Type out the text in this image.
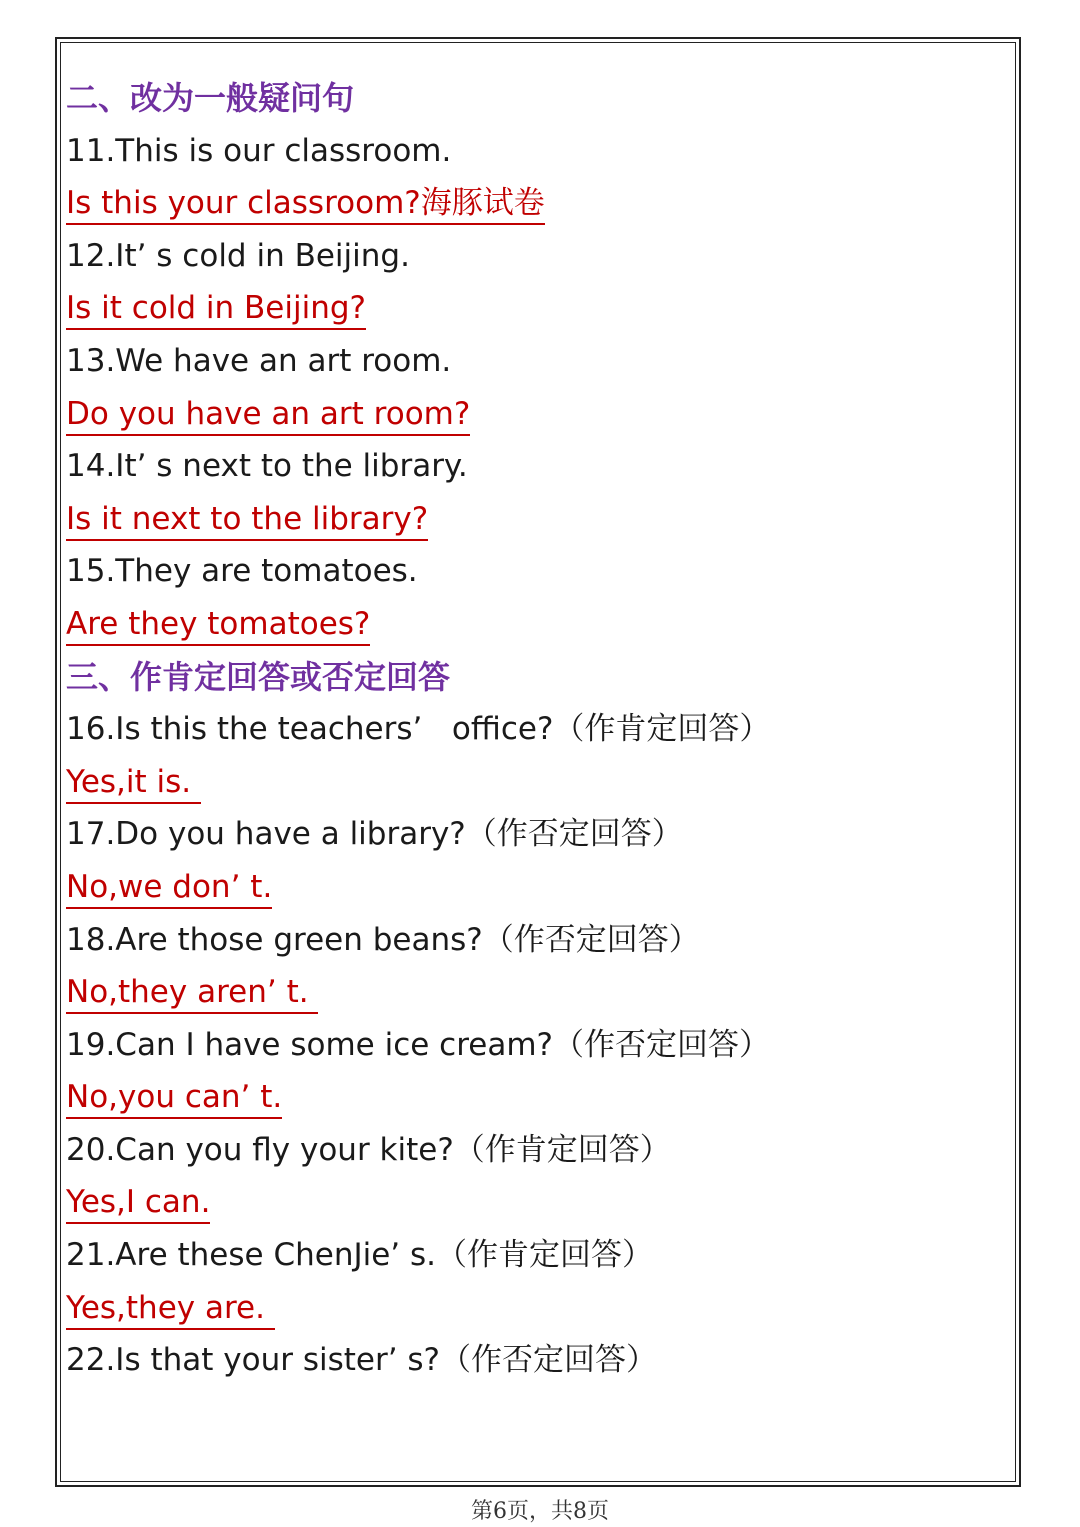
二、改为一般疑问句
11.This is our classroom.
Is this your classroom?海豚试卷
12.It’ s cold in Beijing.
Is it cold in Beijing?
13.We have an art room.
Do you have an art room?
14.It’ s next to the library.
Is it next to the library?
15.They are tomatoes.
Are they tomatoes?
三、作肯定回答或否定回答
16.Is this the teachers’   office?（作肯定回答）
Yes,it is.
17.Do you have a library?（作否定回答）
No,we don’ t.
18.Are those green beans?（作否定回答）
No,they aren’ t.
19.Can I have some ice cream?（作否定回答）
No,you can’ t.
20.Can you fly your kite?（作肯定回答）
Yes,I can.
21.Are these ChenJie’ s.（作肯定回答）
Yes,they are.
22.Is that your sister’ s?（作否定回答）
第6页，共8页
